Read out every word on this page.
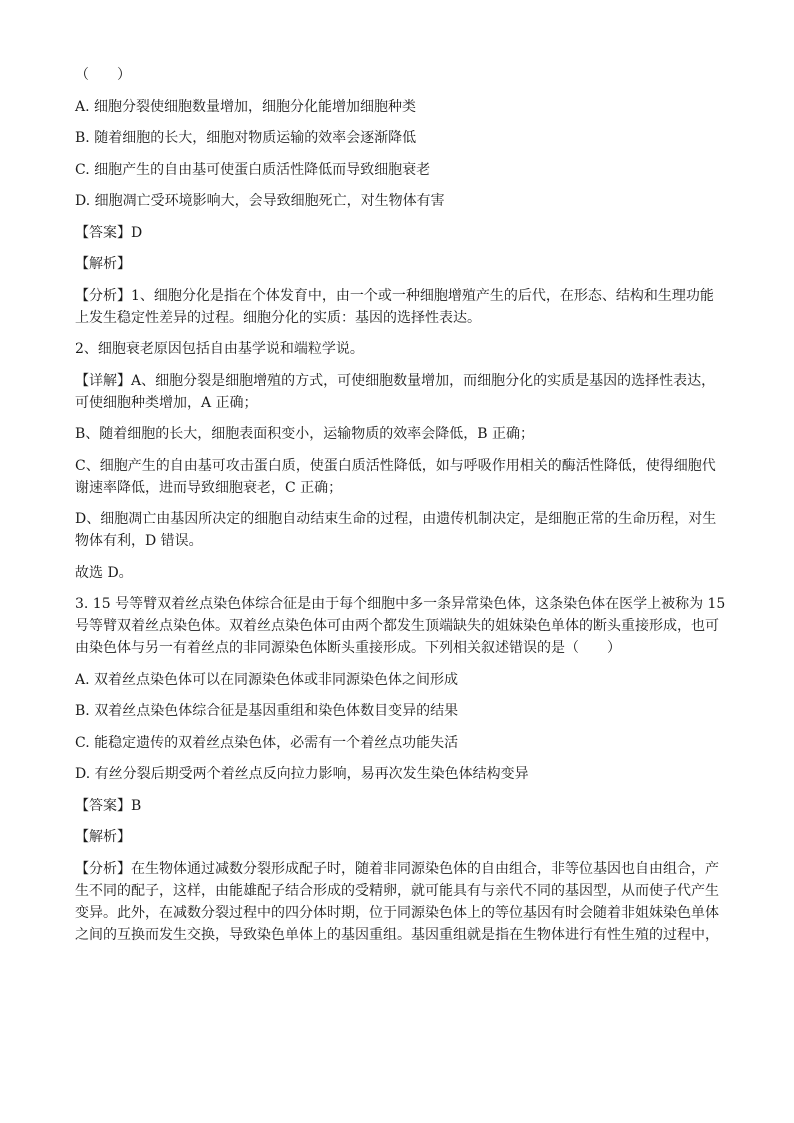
（　　）

A. 细胞分裂使细胞数量增加，细胞分化能增加细胞种类

B. 随着细胞的长大，细胞对物质运输的效率会逐渐降低

C. 细胞产生的自由基可使蛋白质活性降低而导致细胞衰老

D. 细胞凋亡受环境影响大，会导致细胞死亡，对生物体有害

【答案】D

【解析】

【分析】1、细胞分化是指在个体发育中，由一个或一种细胞增殖产生的后代，在形态、结构和生理功能

上发生稳定性差异的过程。细胞分化的实质：基因的选择性表达。

2、细胞衰老原因包括自由基学说和端粒学说。

【详解】A、细胞分裂是细胞增殖的方式，可使细胞数量增加，而细胞分化的实质是基因的选择性表达，

可使细胞种类增加，A 正确；

B、随着细胞的长大，细胞表面积变小，运输物质的效率会降低，B 正确；

C、细胞产生的自由基可攻击蛋白质，使蛋白质活性降低，如与呼吸作用相关的酶活性降低，使得细胞代

谢速率降低，进而导致细胞衰老，C 正确；

D、细胞凋亡由基因所决定的细胞自动结束生命的过程，由遗传机制决定，是细胞正常的生命历程，对生

物体有利，D 错误。

故选 D。

3. 15 号等臂双着丝点染色体综合征是由于每个细胞中多一条异常染色体，这条染色体在医学上被称为 15

号等臂双着丝点染色体。双着丝点染色体可由两个都发生顶端缺失的姐妹染色单体的断头重接形成，也可

由染色体与另一有着丝点的非同源染色体断头重接形成。下列相关叙述错误的是（　　）

A. 双着丝点染色体可以在同源染色体或非同源染色体之间形成

B. 双着丝点染色体综合征是基因重组和染色体数目变异的结果

C. 能稳定遗传的双着丝点染色体，必需有一个着丝点功能失活

D. 有丝分裂后期受两个着丝点反向拉力影响，易再次发生染色体结构变异

【答案】B

【解析】

【分析】在生物体通过减数分裂形成配子时，随着非同源染色体的自由组合，非等位基因也自由组合，产

生不同的配子，这样，由能雄配子结合形成的受精卵，就可能具有与亲代不同的基因型，从而使子代产生

变异。此外，在减数分裂过程中的四分体时期，位于同源染色体上的等位基因有时会随着非姐妹染色单体

之间的互换而发生交换，导致染色单体上的基因重组。基因重组就是指在生物体进行有性生殖的过程中，
